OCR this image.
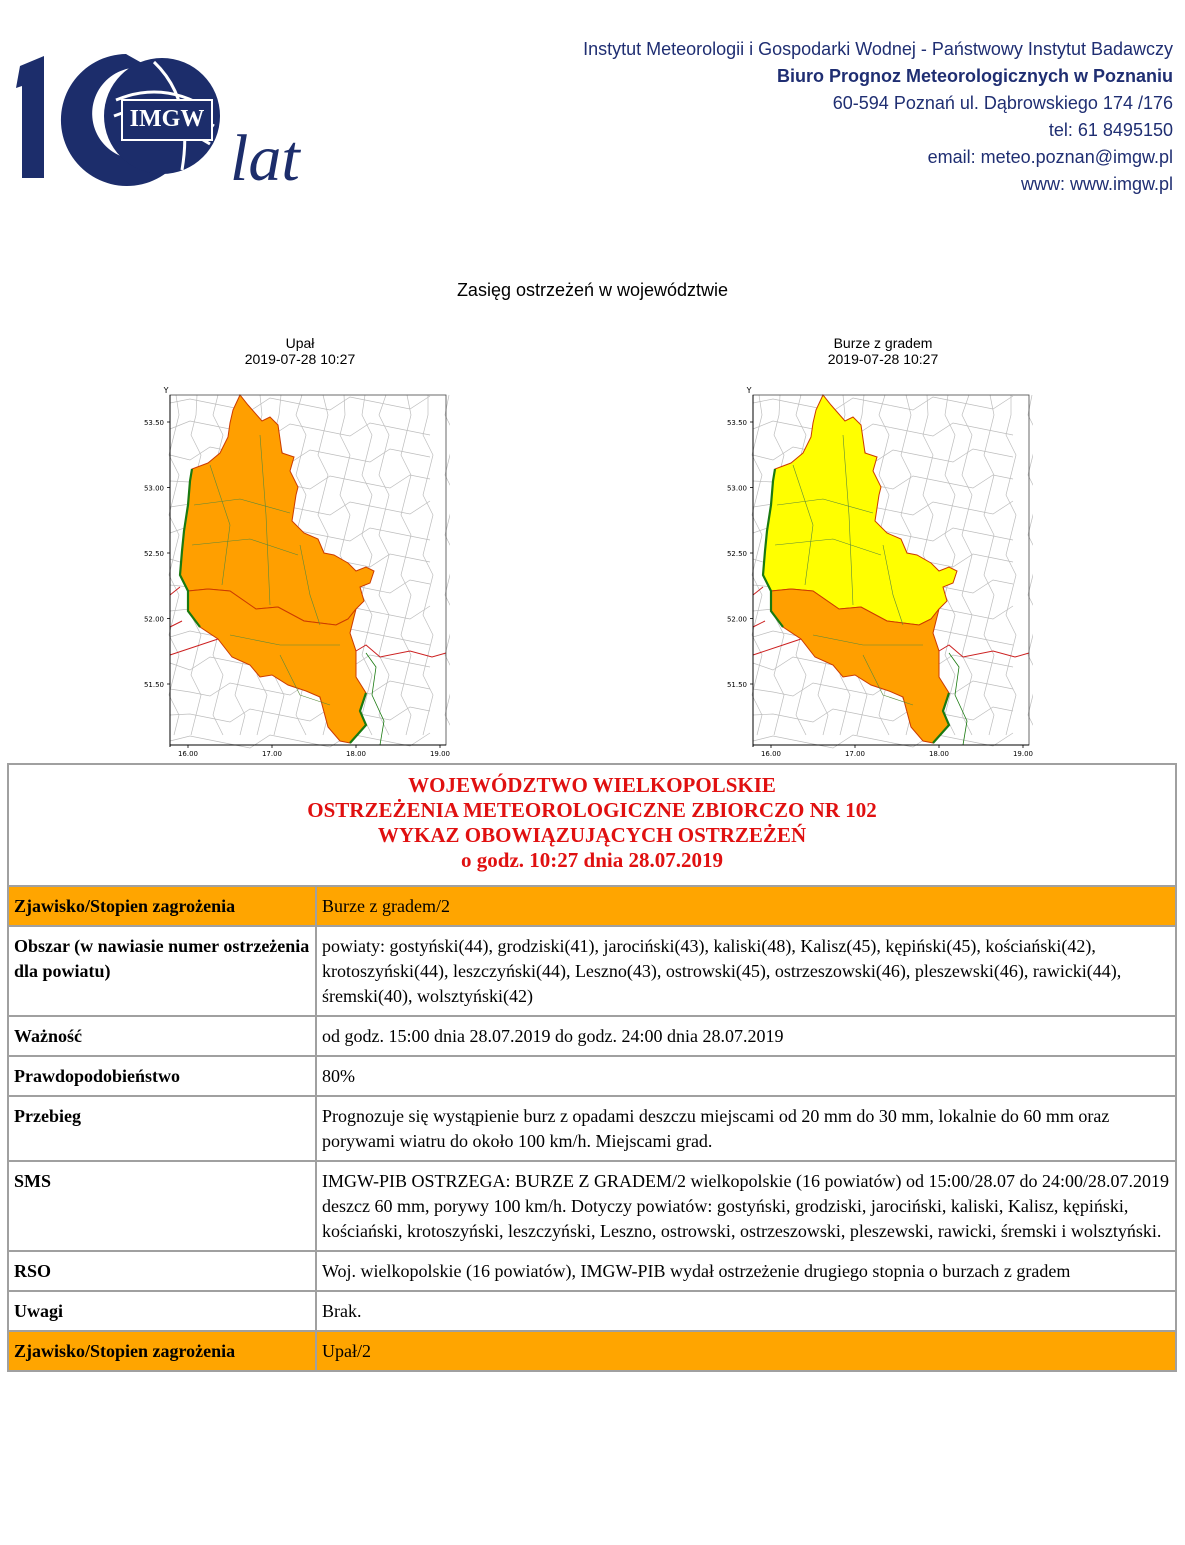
IMGW
lat
Instytut Meteorologii i Gospodarki Wodnej - Państwowy Instytut Badawczy
Biuro Prognoz Meteorologicznych w Poznaniu
60-594 Poznań ul. Dąbrowskiego 174 /176
tel: 61 8495150
email: meteo.poznan@imgw.pl
www: www.imgw.pl
Zasięg ostrzeżeń w województwie
Upał
2019-07-28 10:27
Y
53.50
53.00
52.50
52.00
51.50
16.00	17.00	18.00	19.00
Burze z gradem
2019-07-28 10:27
Y
53.50
53.00
52.50
52.00
51.50
16.00	17.00	18.00	19.00
WOJEWÓDZTWO WIELKOPOLSKIE
OSTRZEŻENIA METEOROLOGICZNE ZBIORCZO NR 102
WYKAZ OBOWIĄZUJĄCYCH OSTRZEŻEŃ
o godz. 10:27 dnia 28.07.2019	

Zjawisko/Stopien zagrożenia	Burze z gradem/2
Obszar (w nawiasie numer ostrzeżenia dla powiatu)	powiaty: gostyński(44), grodziski(41), jarociński(43), kaliski(48), Kalisz(45), kępiński(45), kościański(42), krotoszyński(44), leszczyński(44), Leszno(43), ostrowski(45), ostrzeszowski(46), pleszewski(46), rawicki(44), śremski(40), wolsztyński(42)
Ważność	od godz. 15:00 dnia 28.07.2019 do godz. 24:00 dnia 28.07.2019
Prawdopodobieństwo	80%
Przebieg	Prognozuje się wystąpienie burz z opadami deszczu miejscami od 20 mm do 30 mm, lokalnie do 60 mm oraz porywami wiatru do około 100 km/h. Miejscami grad.
SMS	IMGW-PIB OSTRZEGA: BURZE Z GRADEM/2 wielkopolskie (16 powiatów) od 15:00/28.07 do 24:00/28.07.2019 deszcz 60 mm, porywy 100 km/h. Dotyczy powiatów: gostyński, grodziski, jarociński, kaliski, Kalisz, kępiński, kościański, krotoszyński, leszczyński, Leszno, ostrowski, ostrzeszowski, pleszewski, rawicki, śremski i wolsztyński.
RSO	Woj. wielkopolskie (16 powiatów), IMGW-PIB wydał ostrzeżenie drugiego stopnia o burzach z gradem
Uwagi	Brak.
Zjawisko/Stopien zagrożenia	Upał/2
